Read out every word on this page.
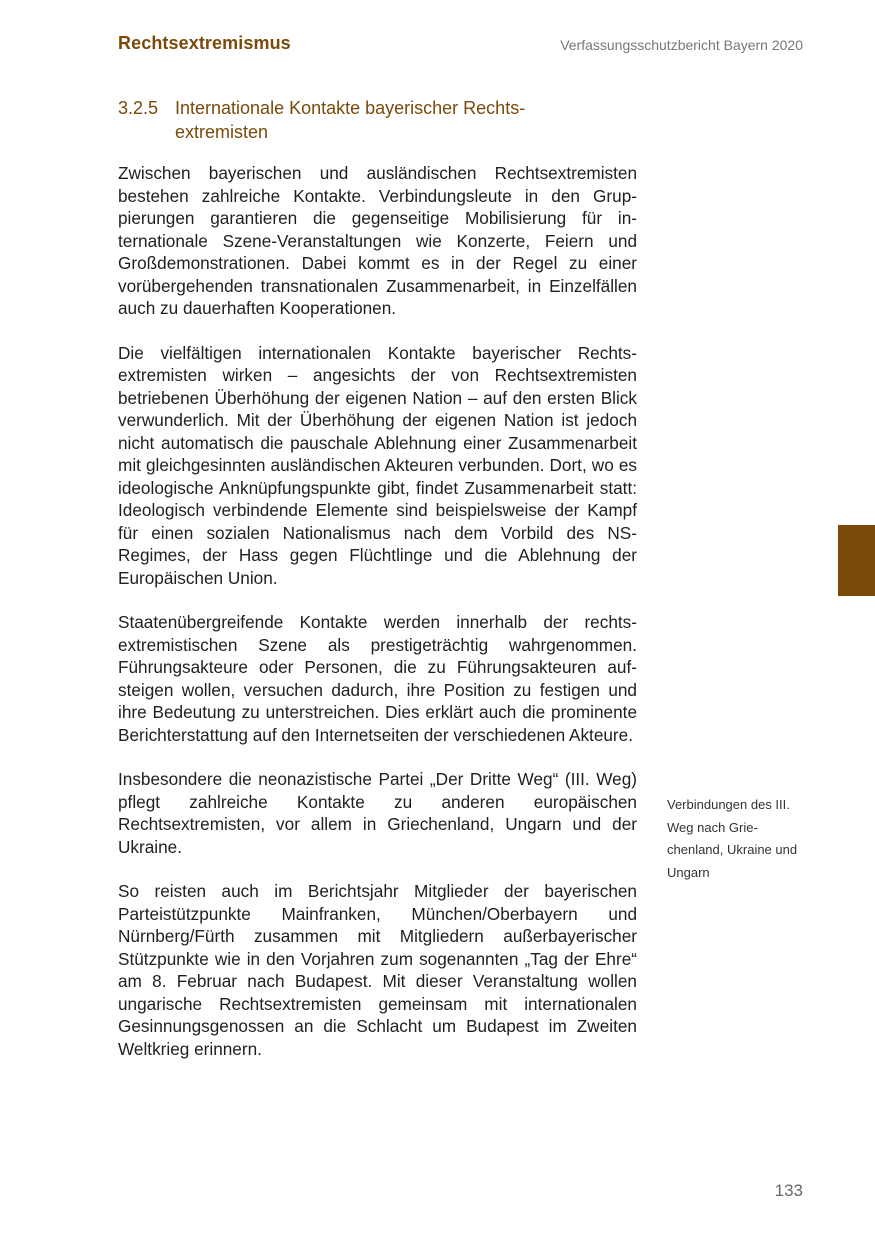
Rechtsextremismus	Verfassungsschutzbericht Bayern 2020
3.2.5 Internationale Kontakte bayerischer Rechts-extremisten

Zwischen bayerischen und ausländischen Rechtsextremisten bestehen zahlreiche Kontakte. Verbindungsleute in den Gruppierungen garantieren die gegenseitige Mobilisierung für internationale Szene-Veranstaltungen wie Konzerte, Feiern und Großdemonstrationen. Dabei kommt es in der Regel zu einer vorübergehenden transnationalen Zusammenarbeit, in Einzelfällen auch zu dauerhaften Kooperationen.

Die vielfältigen internationalen Kontakte bayerischer Rechtsextremisten wirken – angesichts der von Rechtsextremisten betriebenen Überhöhung der eigenen Nation – auf den ersten Blick verwunderlich. Mit der Überhöhung der eigenen Nation ist jedoch nicht automatisch die pauschale Ablehnung einer Zusammenarbeit mit gleichgesinnten ausländischen Akteuren verbunden. Dort, wo es ideologische Anknüpfungspunkte gibt, findet Zusammenarbeit statt: Ideologisch verbindende Elemente sind beispielsweise der Kampf für einen sozialen Nationalismus nach dem Vorbild des NS-Regimes, der Hass gegen Flüchtlinge und die Ablehnung der Europäischen Union.

Staatenübergreifende Kontakte werden innerhalb der rechtsextremistischen Szene als prestigeträchtig wahrgenommen. Führungsakteure oder Personen, die zu Führungsakteuren aufsteigen wollen, versuchen dadurch, ihre Position zu festigen und ihre Bedeutung zu unterstreichen. Dies erklärt auch die prominente Berichterstattung auf den Internetseiten der verschiedenen Akteure.

Insbesondere die neonazistische Partei „Der Dritte Weg“ (III. Weg) pflegt zahlreiche Kontakte zu anderen europäischen Rechtsextremisten, vor allem in Griechenland, Ungarn und der Ukraine.

So reisten auch im Berichtsjahr Mitglieder der bayerischen Parteistützpunkte Mainfranken, München/Oberbayern und Nürnberg/Fürth zusammen mit Mitgliedern außerbayerischer Stützpunkte wie in den Vorjahren zum sogenannten „Tag der Ehre“ am 8. Februar nach Budapest. Mit dieser Veranstaltung wollen ungarische Rechtsextremisten gemeinsam mit internationalen Gesinnungsgenossen an die Schlacht um Budapest im Zweiten Weltkrieg erinnern.

Verbindungen des III. Weg nach Griechenland, Ukraine und Ungarn
133
